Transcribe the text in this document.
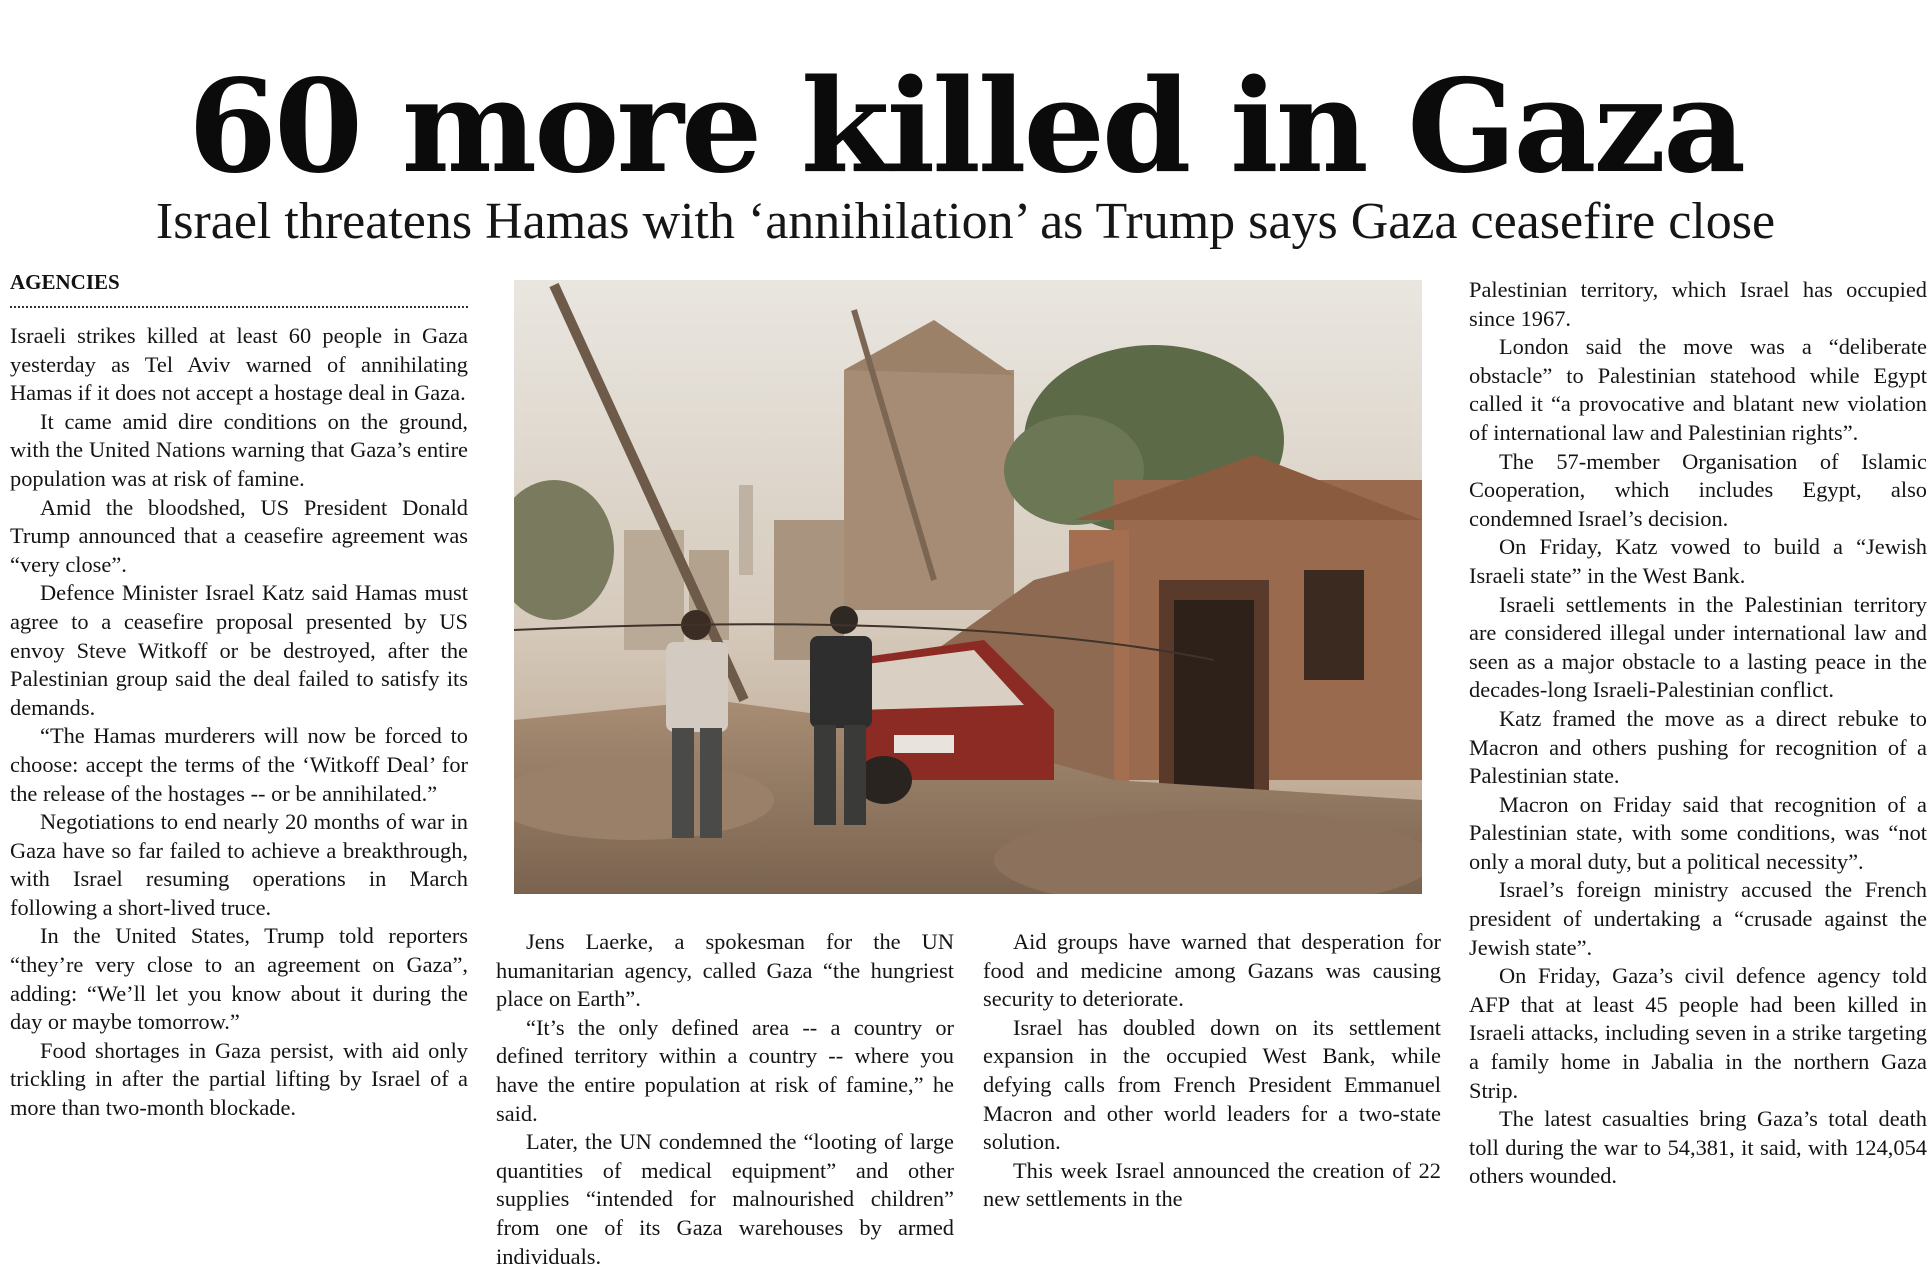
60 more killed in Gaza
Israel threatens Hamas with ‘annihilation’ as Trump says Gaza ceasefire close
AGENCIES

Israeli strikes killed at least 60 people in Gaza yesterday as Tel Aviv warned of annihilating Hamas if it does not accept a hostage deal in Gaza.

It came amid dire conditions on the ground, with the United Nations warning that Gaza’s entire population was at risk of famine.

Amid the bloodshed, US President Donald Trump announced that a ceasefire agreement was “very close”.

Defence Minister Israel Katz said Hamas must agree to a ceasefire proposal presented by US envoy Steve Witkoff or be destroyed, after the Palestinian group said the deal failed to satisfy its demands.

“The Hamas murderers will now be forced to choose: accept the terms of the ‘Witkoff Deal’ for the release of the hostages -- or be annihilated.”

Negotiations to end nearly 20 months of war in Gaza have so far failed to achieve a breakthrough, with Israel resuming operations in March following a short-lived truce.

In the United States, Trump told reporters “they’re very close to an agreement on Gaza”, adding: “We’ll let you know about it during the day or maybe tomorrow.”

Food shortages in Gaza persist, with aid only trickling in after the partial lifting by Israel of a more than two-month blockade.

Jens Laerke, a spokesman for the UN humanitarian agency, called Gaza “the hungriest place on Earth”.

“It’s the only defined area -- a country or defined territory within a country -- where you have the entire population at risk of famine,” he said.

Later, the UN condemned the “looting of large quantities of medical equipment” and other supplies “intended for malnourished children” from one of its Gaza warehouses by armed individuals.

Aid groups have warned that desperation for food and medicine among Gazans was causing security to deteriorate.

Israel has doubled down on its settlement expansion in the occupied West Bank, while defying calls from French President Emmanuel Macron and other world leaders for a two-state solution.

This week Israel announced the creation of 22 new settlements in the

Palestinian territory, which Israel has occupied since 1967.

London said the move was a “deliberate obstacle” to Palestinian statehood while Egypt called it “a provocative and blatant new violation of international law and Palestinian rights”.

The 57-member Organisation of Islamic Cooperation, which includes Egypt, also condemned Israel’s decision.

On Friday, Katz vowed to build a “Jewish Israeli state” in the West Bank.

Israeli settlements in the Palestinian territory are considered illegal under international law and seen as a major obstacle to a lasting peace in the decades-long Israeli-Palestinian conflict.

Katz framed the move as a direct rebuke to Macron and others pushing for recognition of a Palestinian state.

Macron on Friday said that recognition of a Palestinian state, with some conditions, was “not only a moral duty, but a political necessity”.

Israel’s foreign ministry accused the French president of undertaking a “crusade against the Jewish state”.

On Friday, Gaza’s civil defence agency told AFP that at least 45 people had been killed in Israeli attacks, including seven in a strike targeting a family home in Jabalia in the northern Gaza Strip.

The latest casualties bring Gaza’s total death toll during the war to 54,381, it said, with 124,054 others wounded.
